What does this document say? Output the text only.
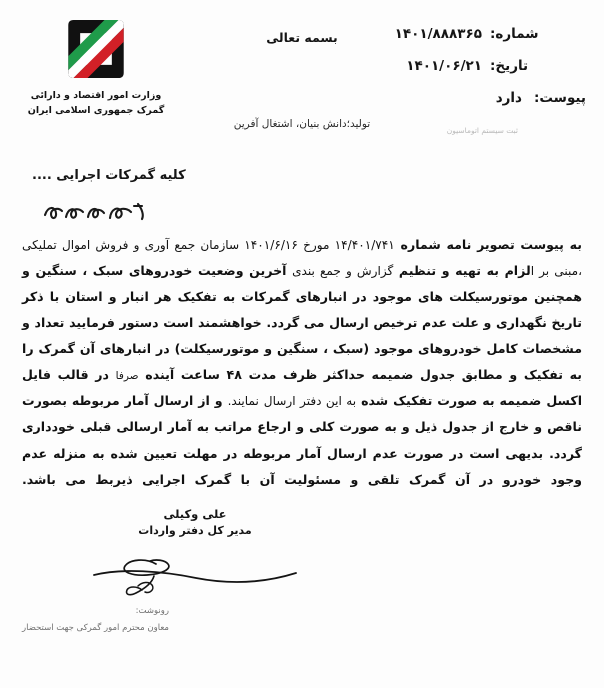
شماره:
۱۴۰۱/۸۸۸۳۶۵
تاریخ:
۱۴۰۱/۰۶/۲۱
پیوست:
دارد
ثبت سیستم اتوماسیون
بسمه تعالی
تولید؛دانش بنیان، اشتغال آفرین
وزارت امور اقتصاد و دارائی
گمرک جمهوری اسلامی ایران
کلیه گمرکات اجرایی ....
به پیوست تصویر نامه شماره ۱۴/۴۰۱/۷۴۱ مورخ ۱۴۰۱/۶/۱۶ سازمان جمع آوری و فروش اموال تملیکی ،مبنی بر الزام به تهیه و تنظیم گزارش و جمع بندی آخرین وضعیت خودروهای سبک ، سنگین و همچنین موتورسیکلت های موجود در انبارهای گمرکات به تفکیک هر انبار و استان با ذکر تاریخ نگهداری و علت عدم ترخیص ارسال می گردد. خواهشمند است دستور فرمایید تعداد و مشخصات کامل خودروهای موجود (سبک ، سنگین و موتورسیکلت) در انبارهای آن گمرک را به تفکیک و مطابق جدول ضمیمه حداکثر ظرف مدت ۴۸ ساعت آینده صرفا در قالب فایل اکسل ضمیمه به صورت تفکیک شده به این دفتر ارسال نمایند. و از ارسال آمار مربوطه بصورت ناقص و خارج از جدول ذیل و به صورت کلی و ارجاع مراتب به آمار ارسالی قبلی خودداری گردد. بدیهی است در صورت عدم ارسال آمار مربوطه در مهلت تعیین شده به منزله عدم وجود خودرو در آن گمرک تلقی و مسئولیت آن با گمرک اجرایی ذیربط می باشد.
علی وکیلی
مدیر کل دفتر واردات
رونوشت:
معاون محترم امور گمرکی جهت استحضار
